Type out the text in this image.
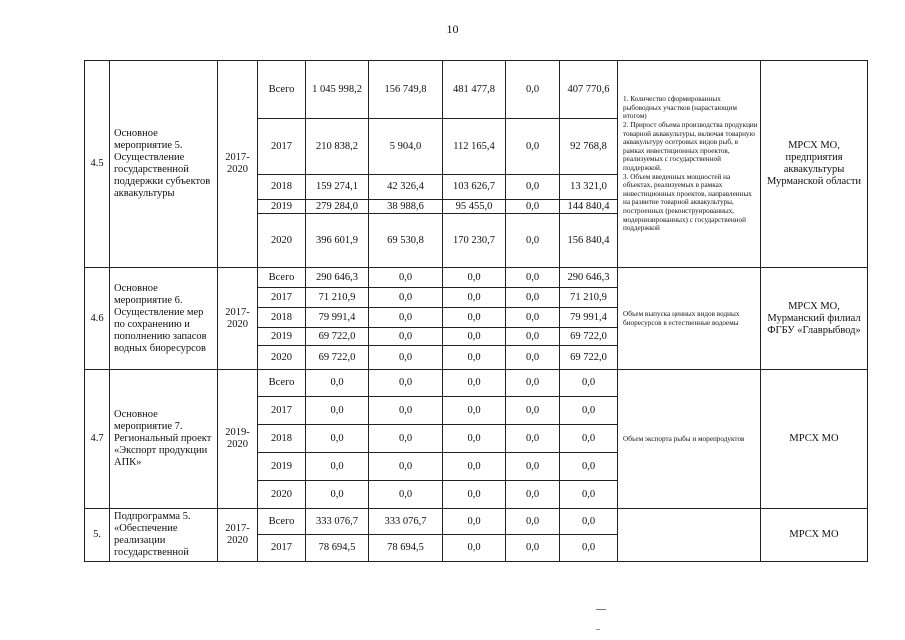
10
4.5	Основное мероприятие 5. Осуществление государственной поддержки субъектов аквакультуры	2017-2020	Всего	1 045 998,2	156 749,8	481 477,8	0,0	407 770,6	1. Количество сформированных рыбоводных участков (нарастающим итогом)
2. Прирост объема производства продукции товарной аквакультуры, включая товарную аквакультуру осетровых видов рыб, в рамках инвестиционных проектов, реализуемых с государственной поддержкой.
3. Объем введенных мощностей на объектах, реализуемых в рамках инвестиционных проектов, направленных на развитие товарной аквакультуры, построенных (реконструированных, модернизированных) с государственной поддержкой	МРСХ МО, предприятия аквакультуры Мурманской области
			2017	210 838,2	5 904,0	112 165,4	0,0	92 768,8		
			2018	159 274,1	42 326,4	103 626,7	0,0	13 321,0		
			2019	279 284,0	38 988,6	95 455,0	0,0	144 840,4		
			2020	396 601,9	69 530,8	170 230,7	0,0	156 840,4		
4.6	Основное мероприятие 6. Осуществление мер по сохранению и пополнению запасов водных биоресурсов	2017-2020	Всего	290 646,3	0,0	0,0	0,0	290 646,3	Объем выпуска ценных видов водных биоресурсов в естественные водоемы	МРСХ МО, Мурманский филиал ФГБУ «Главрыбвод»
			2017	71 210,9	0,0	0,0	0,0	71 210,9		
			2018	79 991,4	0,0	0,0	0,0	79 991,4		
			2019	69 722,0	0,0	0,0	0,0	69 722,0		
			2020	69 722,0	0,0	0,0	0,0	69 722,0		
4.7	Основное мероприятие 7. Региональный проект «Экспорт продукции АПК»	2019-2020	Всего	0,0	0,0	0,0	0,0	0,0	Объем экспорта рыбы и морепродуктов	МРСХ МО
			2017	0,0	0,0	0,0	0,0	0,0		
			2018	0,0	0,0	0,0	0,0	0,0		
			2019	0,0	0,0	0,0	0,0	0,0		
			2020	0,0	0,0	0,0	0,0	0,0		
5.	Подпрограмма 5. «Обеспечение реализации государственной	2017-2020	Всего	333 076,7	333 076,7	0,0	0,0	0,0		МРСХ МО
			2017	78 694,5	78 694,5	0,0	0,0	0,0		
